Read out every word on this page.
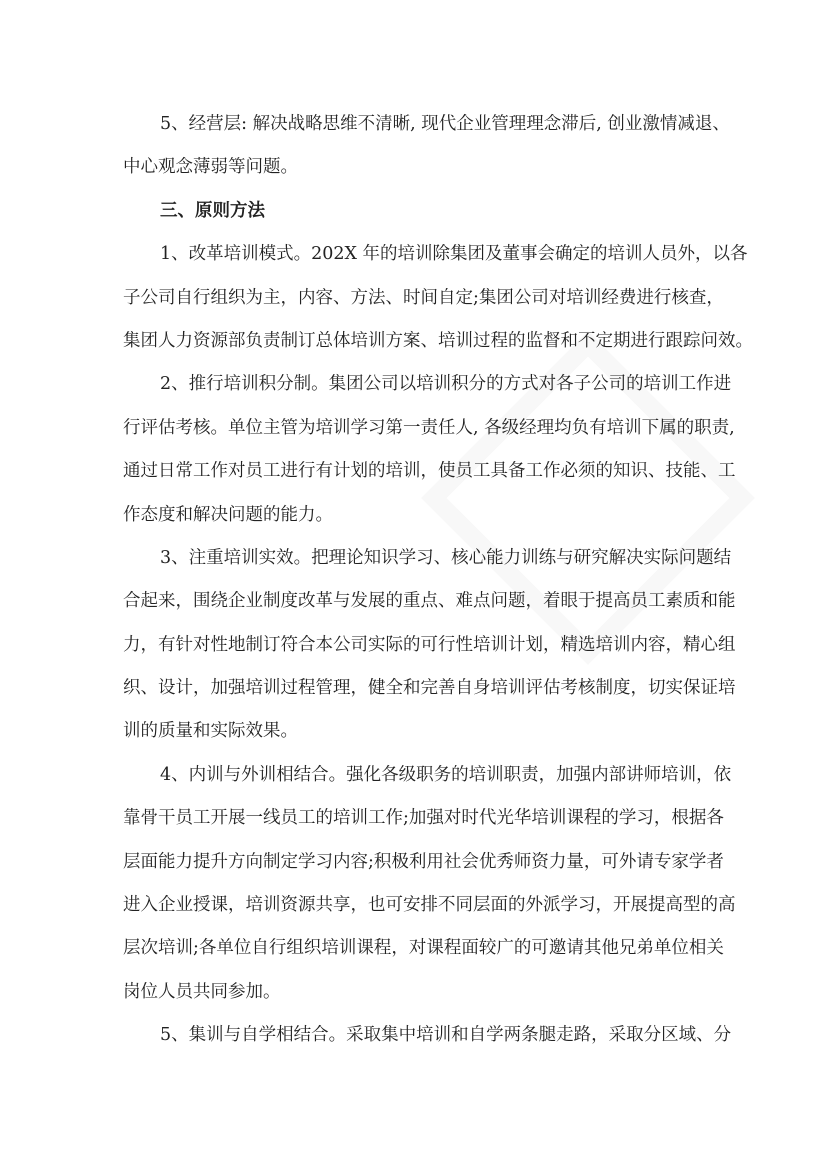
5、经营层: 解决战略思维不清晰, 现代企业管理理念滞后, 创业激情减退、
中心观念薄弱等问题。
三、原则方法
1、改革培训模式。202X 年的培训除集团及董事会确定的培训人员外，以各
子公司自行组织为主，内容、方法、时间自定;集团公司对培训经费进行核查，
集团人力资源部负责制订总体培训方案、培训过程的监督和不定期进行跟踪问效。
2、推行培训积分制。集团公司以培训积分的方式对各子公司的培训工作进
行评估考核。单位主管为培训学习第一责任人, 各级经理均负有培训下属的职责,
通过日常工作对员工进行有计划的培训，使员工具备工作必须的知识、技能、工
作态度和解决问题的能力。
3、注重培训实效。把理论知识学习、核心能力训练与研究解决实际问题结
合起来，围绕企业制度改革与发展的重点、难点问题，着眼于提高员工素质和能
力，有针对性地制订符合本公司实际的可行性培训计划，精选培训内容，精心组
织、设计，加强培训过程管理，健全和完善自身培训评估考核制度，切实保证培
训的质量和实际效果。
4、内训与外训相结合。强化各级职务的培训职责，加强内部讲师培训，依
靠骨干员工开展一线员工的培训工作;加强对时代光华培训课程的学习，根据各
层面能力提升方向制定学习内容;积极利用社会优秀师资力量，可外请专家学者
进入企业授课，培训资源共享，也可安排不同层面的外派学习，开展提高型的高
层次培训;各单位自行组织培训课程，对课程面较广的可邀请其他兄弟单位相关
岗位人员共同参加。
5、集训与自学相结合。采取集中培训和自学两条腿走路，采取分区域、分
